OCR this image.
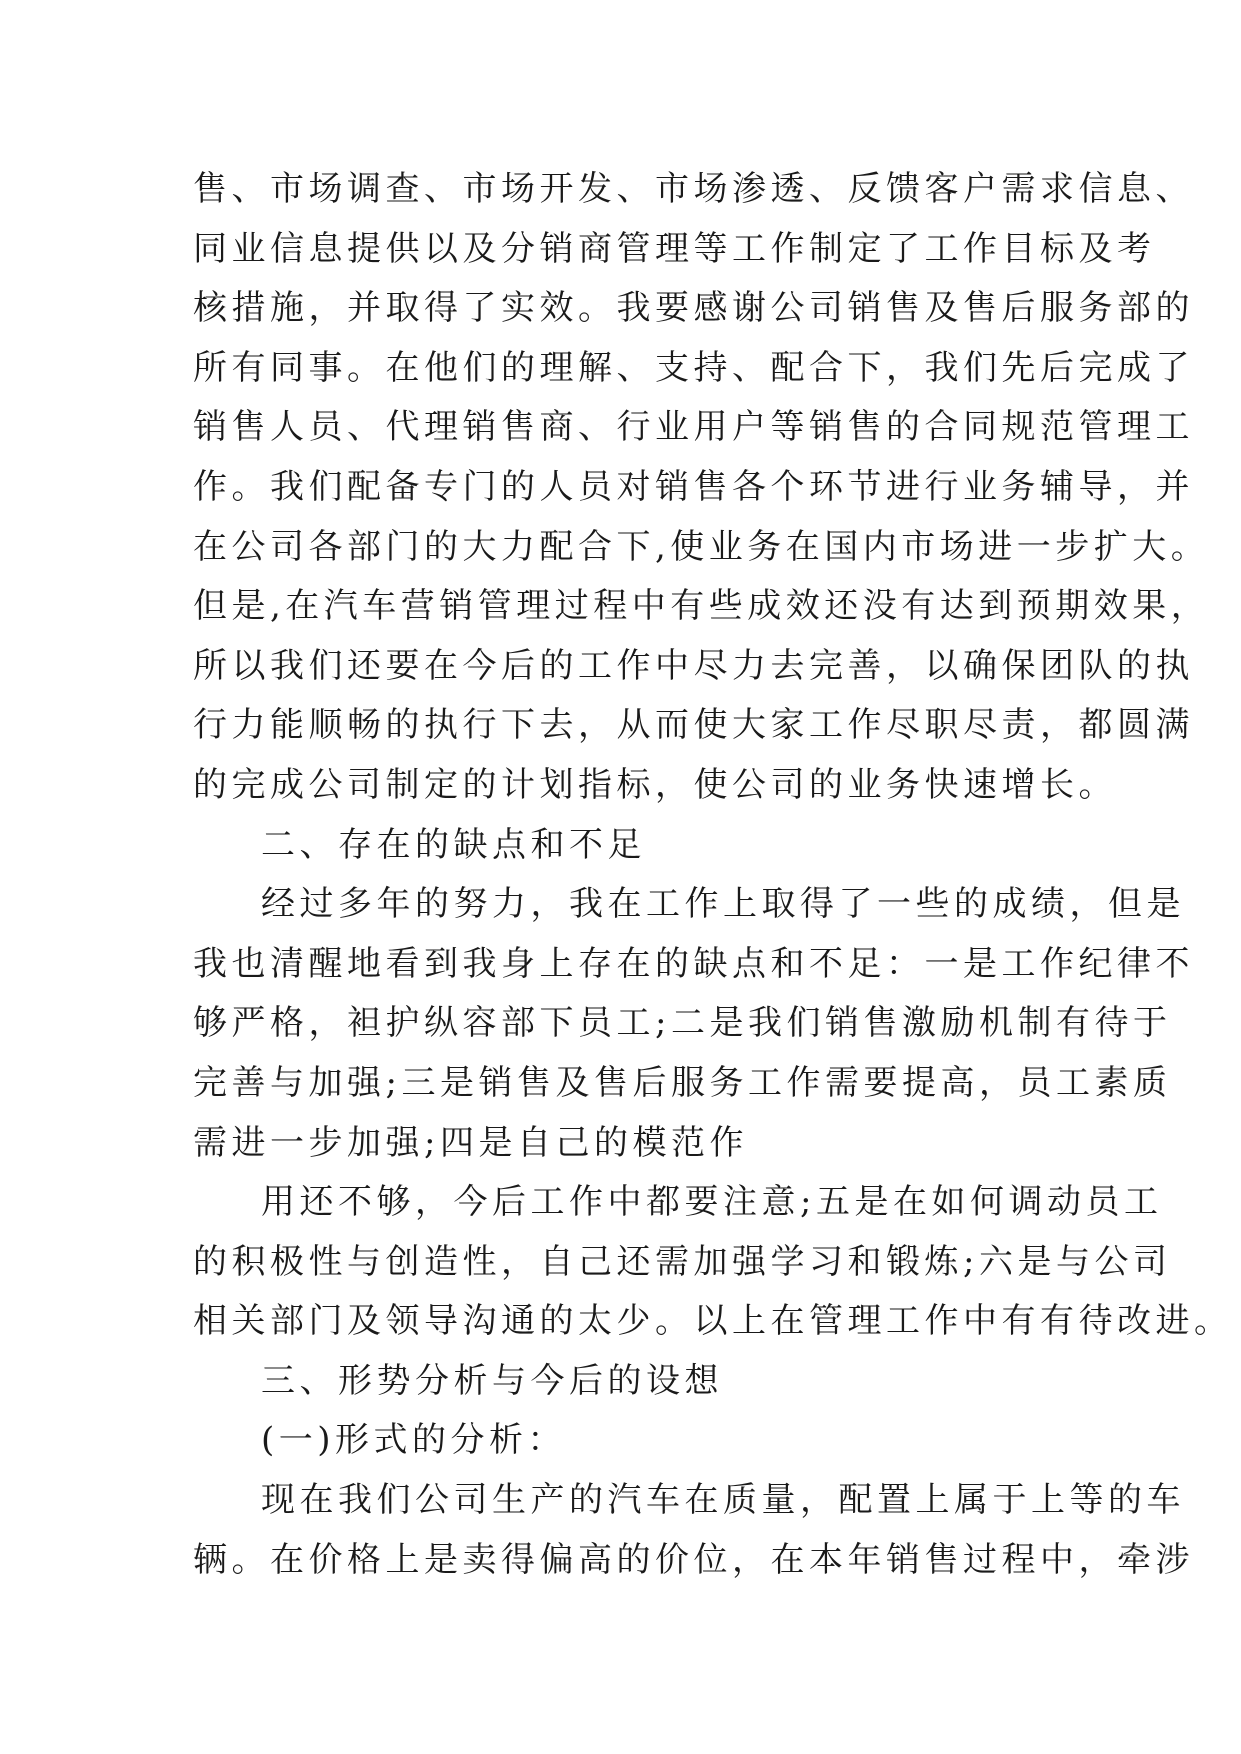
售、市场调查、市场开发、市场渗透、反馈客户需求信息、
同业信息提供以及分销商管理等工作制定了工作目标及考
核措施，并取得了实效。我要感谢公司销售及售后服务部的
所有同事。在他们的理解、支持、配合下，我们先后完成了
销售人员、代理销售商、行业用户等销售的合同规范管理工
作。我们配备专门的人员对销售各个环节进行业务辅导，并
在公司各部门的大力配合下,使业务在国内市场进一步扩大。
但是,在汽车营销管理过程中有些成效还没有达到预期效果，
所以我们还要在今后的工作中尽力去完善，以确保团队的执
行力能顺畅的执行下去，从而使大家工作尽职尽责，都圆满
的完成公司制定的计划指标，使公司的业务快速增长。
二、存在的缺点和不足
经过多年的努力，我在工作上取得了一些的成绩，但是
我也清醒地看到我身上存在的缺点和不足：一是工作纪律不
够严格，袒护纵容部下员工;二是我们销售激励机制有待于
完善与加强;三是销售及售后服务工作需要提高，员工素质
需进一步加强;四是自己的模范作
用还不够，今后工作中都要注意;五是在如何调动员工
的积极性与创造性，自己还需加强学习和锻炼;六是与公司
相关部门及领导沟通的太少。以上在管理工作中有有待改进。
三、形势分析与今后的设想
(一)形式的分析：
现在我们公司生产的汽车在质量，配置上属于上等的车
辆。在价格上是卖得偏高的价位，在本年销售过程中，牵涉
